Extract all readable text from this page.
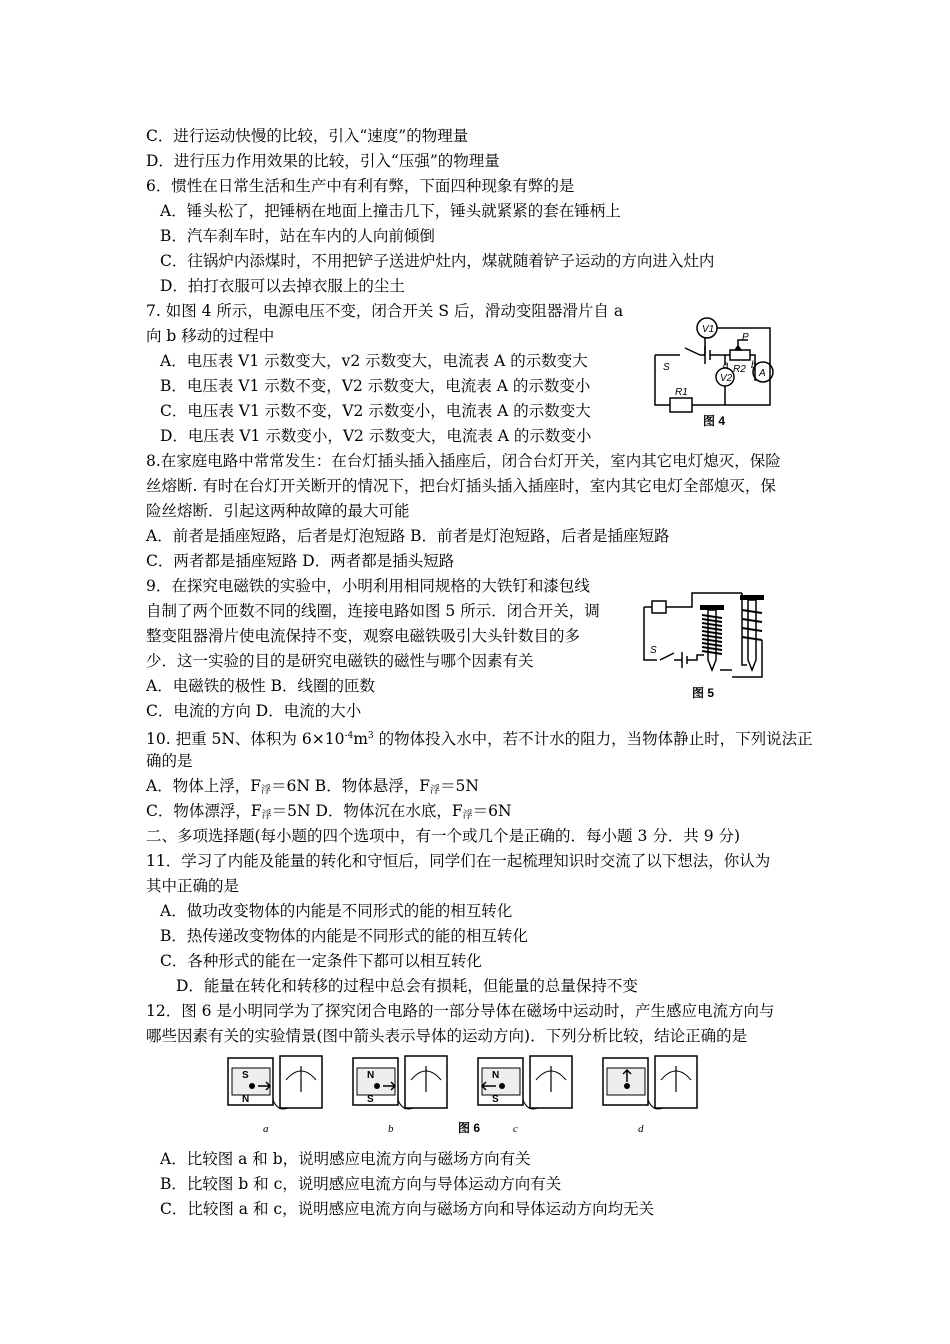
C．进行运动快慢的比较，引入“速度”的物理量
D．进行压力作用效果的比较，引入“压强”的物理量
6．惯性在日常生活和生产中有利有弊，下面四种现象有弊的是
A．锤头松了，把锤柄在地面上撞击几下，锤头就紧紧的套在锤柄上
B．汽车刹车时，站在车内的人向前倾倒
C．往锅炉内添煤时，不用把铲子送进炉灶内，煤就随着铲子运动的方向进入灶内
D．拍打衣服可以去掉衣服上的尘土
7. 如图 4 所示，电源电压不变，闭合开关 S 后，滑动变阻器滑片自 a
向 b 移动的过程中
A．电压表 V1 示数变大，v2 示数变大，电流表 A 的示数变大
B．电压表 V1 示数不变，V2 示数变大，电流表 A 的示数变小
C．电压表 V1 示数不变，V2 示数变小，电流表 A 的示数变大
D．电压表 V1 示数变小，V2 示数变大，电流表 A 的示数变小
8.在家庭电路中常常发生：在台灯插头插入插座后，闭合台灯开关，室内其它电灯熄灭，保险
丝熔断. 有时在台灯开关断开的情况下，把台灯插头插入插座时，室内其它电灯全部熄灭，保
险丝熔断．引起这两种故障的最大可能
A．前者是插座短路，后者是灯泡短路 B．前者是灯泡短路，后者是插座短路
C．两者都是插座短路 D．两者都是插头短路
9．在探究电磁铁的实验中，小明利用相同规格的大铁钉和漆包线
自制了两个匝数不同的线圈，连接电路如图 5 所示．闭合开关，调
整变阻器滑片使电流保持不变，观察电磁铁吸引大头针数目的多
少．这一实验的目的是研究电磁铁的磁性与哪个因素有关
A．电磁铁的极性 B．线圈的匝数
C．电流的方向 D．电流的大小
10. 把重 5N、体积为 $6\times 10^{-4}m^3$ 的物体投入水中，若不计水的阻力，当物体静止时，下列说法正
确的是
A．物体上浮，$F_浮=6N$ B．物体悬浮，$F_浮=5N$
C．物体漂浮，$F_浮=5N$ D．物体沉在水底，$F_浮=6N$
二、多项选择题(每小题的四个选项中，有一个或几个是正确的．每小题 3 分．共 9 分)
11．学习了内能及能量的转化和守恒后，同学们在一起梳理知识时交流了以下想法，你认为
其中正确的是
A．做功改变物体的内能是不同形式的能的相互转化
B．热传递改变物体的内能是不同形式的能的相互转化
C．各种形式的能在一定条件下都可以相互转化
D．能量在转化和转移的过程中总会有损耗，但能量的总量保持不变
12．图 6 是小明同学为了探究闭合电路的一部分导体在磁场中运动时，产生感应电流方向与
哪些因素有关的实验情景(图中箭头表示导体的运动方向)．下列分析比较，结论正确的是
A．比较图 a 和 b，说明感应电流方向与磁场方向有关
B．比较图 b 和 c，说明感应电流方向与导体运动方向有关
C．比较图 a 和 c，说明感应电流方向与磁场方向和导体运动方向均无关
V1
V2	A
S
R1
R2
P
a b
图 4
S
图 5
S
N
a
N
S
b
N
S
c	d
图 6
